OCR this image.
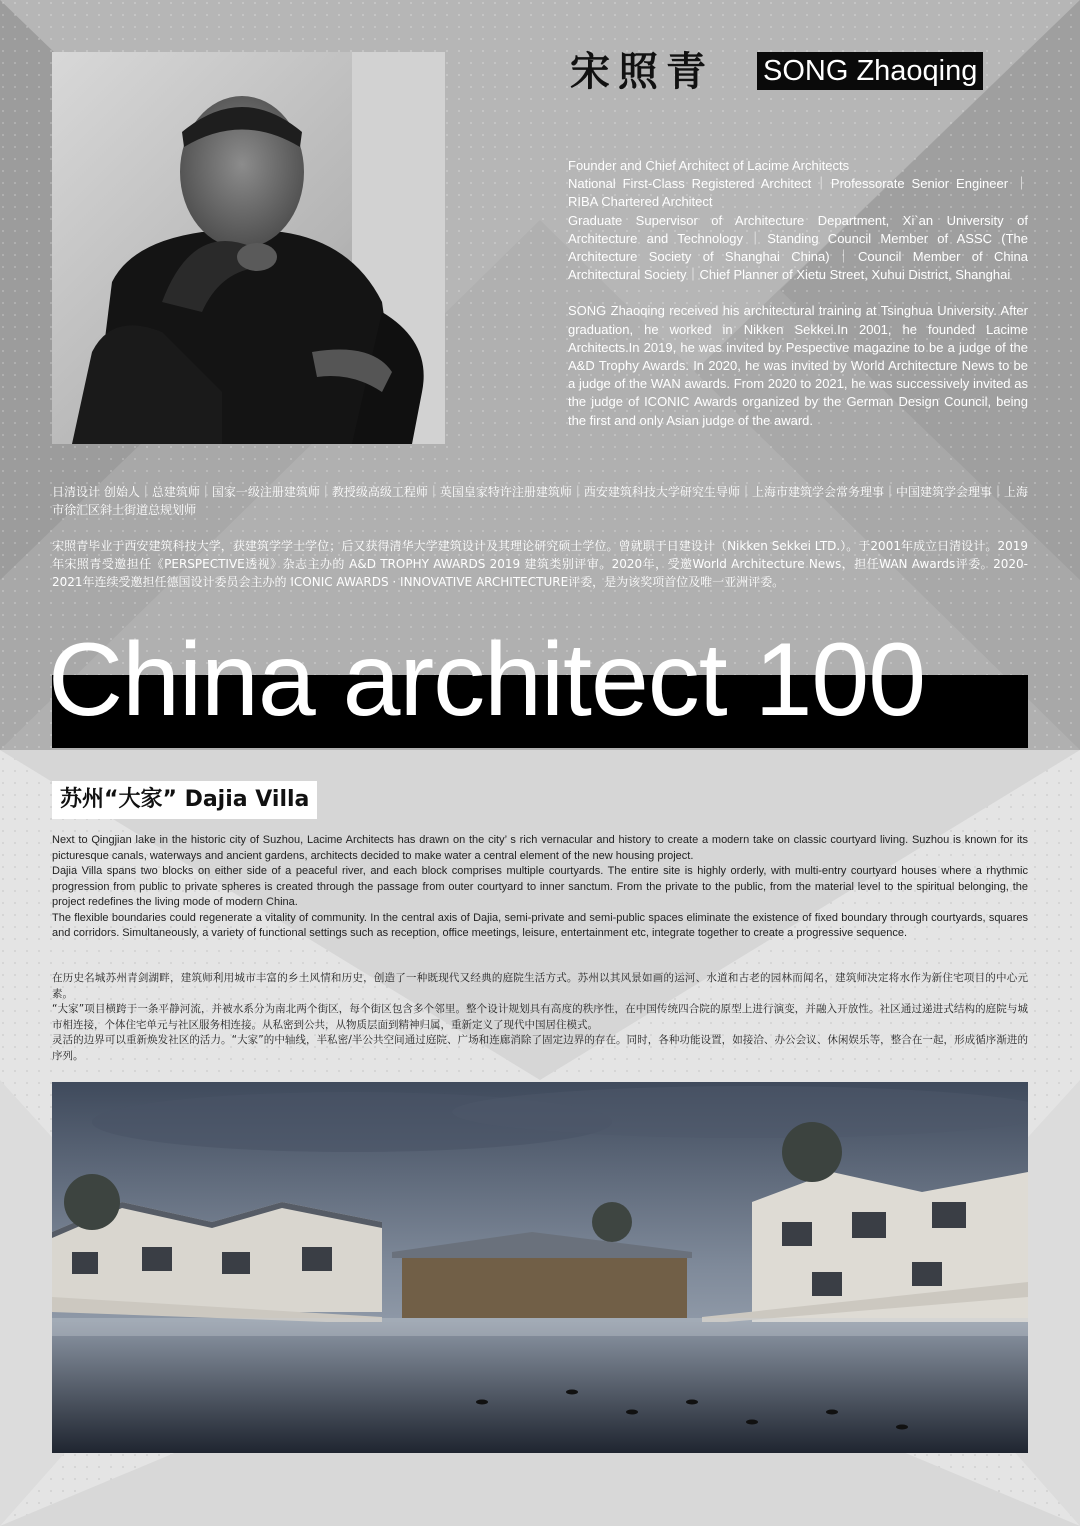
宋照青 SONG Zhaoqing

Founder and Chief Architect of Lacime Architects
National First-Class Registered Architect｜Professorate Senior Engineer ｜RIBA Chartered Architect
Graduate Supervisor of Architecture Department, Xi`an University of Architecture and Technology｜Standing Council Member of ASSC (The Architecture Society of Shanghai China)｜Council Member of China Architectural Society｜Chief Planner of Xietu Street, Xuhui District, Shanghai

SONG Zhaoqing received his architectural training at Tsinghua University. After graduation, he worked in Nikken Sekkei.In 2001, he founded Lacime Architects.In 2019, he was invited by Pespective magazine to be a judge of the A&D Trophy Awards. In 2020, he was invited by World Architecture News to be a judge of the WAN awards. From 2020 to 2021, he was successively invited as the judge of ICONIC Awards organized by the German Design Council, being the first and only Asian judge of the award.

日清设计 创始人｜总建筑师｜国家一级注册建筑师｜教授级高级工程师｜英国皇家特许注册建筑师｜西安建筑科技大学研究生导师｜上海市建筑学会常务理事｜中国建筑学会理事｜上海市徐汇区斜土街道总规划师
宋照青毕业于西安建筑科技大学，获建筑学学士学位；后又获得清华大学建筑设计及其理论研究硕士学位。曾就职于日建设计（Nikken Sekkei LTD.）。于2001年成立日清设计。2019年宋照青受邀担任《PERSPECTIVE透视》杂志主办的 A&D TROPHY AWARDS 2019 建筑类别评审。2020年，受邀World Architecture News，担任WAN Awards评委。2020-2021年连续受邀担任德国设计委员会主办的 ICONIC AWARDS · INNOVATIVE ARCHITECTURE评委，是为该奖项首位及唯一亚洲评委。
China architect 100
苏州“大家” Dajia Villa

Next to Qingjian lake in the historic city of Suzhou, Lacime Architects has drawn on the city’ s rich vernacular and history to create a modern take on classic courtyard living. Suzhou is known for its picturesque canals, waterways and ancient gardens, architects decided to make water a central element of the new housing project.

Dajia Villa spans two blocks on either side of a peaceful river, and each block comprises multiple courtyards. The entire site is highly orderly, with multi-entry courtyard houses where a rhythmic progression from public to private spheres is created through the passage from outer courtyard to inner sanctum. From the private to the public, from the material level to the spiritual belonging, the project redefines the living mode of modern China.

The flexible boundaries could regenerate a vitality of community. In the central axis of Dajia, semi-private and semi-public spaces eliminate the existence of fixed boundary through courtyards, squares and corridors. Simultaneously, a variety of functional settings such as reception, office meetings, leisure, entertainment etc, integrate together to create a progressive sequence.

在历史名城苏州青剑湖畔，建筑师利用城市丰富的乡土风情和历史，创造了一种既现代又经典的庭院生活方式。苏州以其风景如画的运河、水道和古老的园林而闻名，建筑师决定将水作为新住宅项目的中心元素。

“大家”项目横跨于一条平静河流，并被水系分为南北两个街区，每个街区包含多个邻里。整个设计规划具有高度的秩序性，在中国传统四合院的原型上进行演变，并融入开放性。社区通过递进式结构的庭院与城市相连接，个体住宅单元与社区服务相连接。从私密到公共，从物质层面到精神归属，重新定义了现代中国居住模式。

灵活的边界可以重新焕发社区的活力。“大家”的中轴线，半私密/半公共空间通过庭院、广场和连廊消除了固定边界的存在。同时，各种功能设置，如接洽、办公会议、休闲娱乐等，整合在一起，形成循序渐进的序列。
